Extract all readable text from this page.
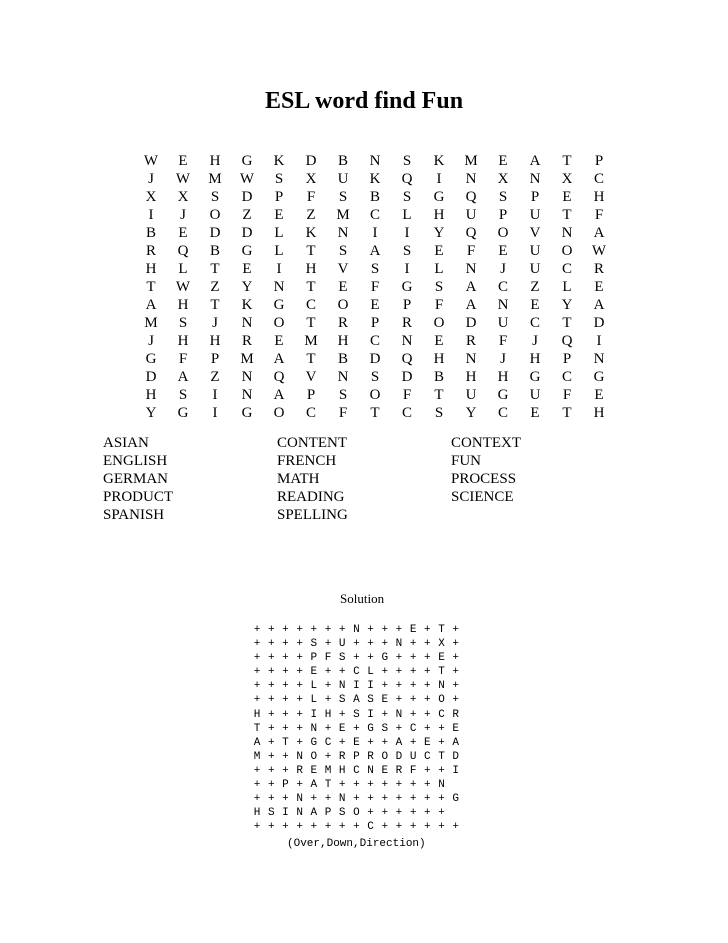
ESL word find Fun
W	E	H	G	K	D	B	N	S	K	M	E	A	T	P
J	W	M	W	S	X	U	K	Q	I	N	X	N	X	C
X	X	S	D	P	F	S	B	S	G	Q	S	P	E	H
I	J	O	Z	E	Z	M	C	L	H	U	P	U	T	F
B	E	D	D	L	K	N	I	I	Y	Q	O	V	N	A
R	Q	B	G	L	T	S	A	S	E	F	E	U	O	W
H	L	T	E	I	H	V	S	I	L	N	J	U	C	R
T	W	Z	Y	N	T	E	F	G	S	A	C	Z	L	E
A	H	T	K	G	C	O	E	P	F	A	N	E	Y	A
M	S	J	N	O	T	R	P	R	O	D	U	C	T	D
J	H	H	R	E	M	H	C	N	E	R	F	J	Q	I
G	F	P	M	A	T	B	D	Q	H	N	J	H	P	N
D	A	Z	N	Q	V	N	S	D	B	H	H	G	C	G
H	S	I	N	A	P	S	O	F	T	U	G	U	F	E
Y	G	I	G	O	C	F	T	C	S	Y	C	E	T	H
ASIAN
ENGLISH
GERMAN
PRODUCT
SPANISH
CONTENT
FRENCH
MATH
READING
SPELLING
CONTEXT
FUN
PROCESS
SCIENCE
Solution
+ + + + + + + N + + + E + T +
+ + + + S + U + + + N + + X +
+ + + + P F S + + G + + + E +
+ + + + E + + C L + + + + T +
+ + + + L + N I I + + + + N +
+ + + + L + S A S E + + + O +
H + + + I H + S I + N + + C R
T + + + N + E + G S + C + + E
A + T + G C + E + + A + E + A
M + + N O + R P R O D U C T D
+ + + R E M H C N E R F + + I
+ + P + A T + + + + + + + N
+ + + N + + N + + + + + + + G
H S I N A P S O + + + + + +
+ + + + + + + + C + + + + + +

(Over,Down,Direction)
